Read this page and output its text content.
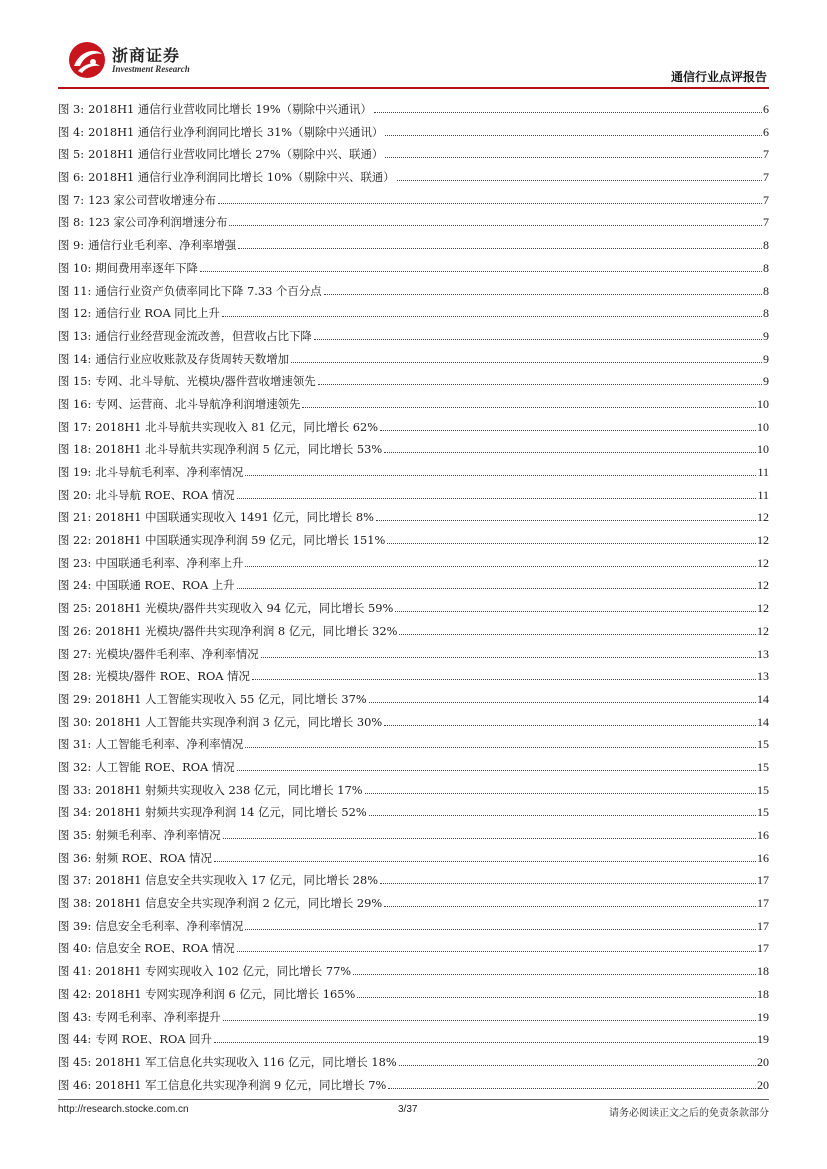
浙商证券
Investment Research
通信行业点评报告
图 3: 2018H1 通信行业营收同比增长 19%（剔除中兴通讯）	6
图 4: 2018H1 通信行业净利润同比增长 31%（剔除中兴通讯）	6
图 5: 2018H1 通信行业营收同比增长 27%（剔除中兴、联通）	7
图 6: 2018H1 通信行业净利润同比增长 10%（剔除中兴、联通）	7
图 7: 123 家公司营收增速分布	7
图 8: 123 家公司净利润增速分布	7
图 9: 通信行业毛利率、净利率增强	8
图 10: 期间费用率逐年下降	8
图 11: 通信行业资产负债率同比下降 7.33 个百分点	8
图 12: 通信行业 ROA 同比上升	8
图 13: 通信行业经营现金流改善，但营收占比下降	9
图 14: 通信行业应收账款及存货周转天数增加	9
图 15: 专网、北斗导航、光模块/器件营收增速领先	9
图 16: 专网、运营商、北斗导航净利润增速领先	10
图 17: 2018H1 北斗导航共实现收入 81 亿元，同比增长 62%	10
图 18: 2018H1 北斗导航共实现净利润 5 亿元，同比增长 53%	10
图 19: 北斗导航毛利率、净利率情况	11
图 20: 北斗导航 ROE、ROA 情况	11
图 21: 2018H1 中国联通实现收入 1491 亿元，同比增长 8%	12
图 22: 2018H1 中国联通实现净利润 59 亿元，同比增长 151%	12
图 23: 中国联通毛利率、净利率上升	12
图 24: 中国联通 ROE、ROA 上升	12
图 25: 2018H1 光模块/器件共实现收入 94 亿元，同比增长 59%	12
图 26: 2018H1 光模块/器件共实现净利润 8 亿元，同比增长 32%	12
图 27: 光模块/器件毛利率、净利率情况	13
图 28: 光模块/器件 ROE、ROA 情况	13
图 29: 2018H1 人工智能实现收入 55 亿元，同比增长 37%	14
图 30: 2018H1 人工智能共实现净利润 3 亿元，同比增长 30%	14
图 31: 人工智能毛利率、净利率情况	15
图 32: 人工智能 ROE、ROA 情况	15
图 33: 2018H1 射频共实现收入 238 亿元，同比增长 17%	15
图 34: 2018H1 射频共实现净利润 14 亿元，同比增长 52%	15
图 35: 射频毛利率、净利率情况	16
图 36: 射频 ROE、ROA 情况	16
图 37: 2018H1 信息安全共实现收入 17 亿元，同比增长 28%	17
图 38: 2018H1 信息安全共实现净利润 2 亿元，同比增长 29%	17
图 39: 信息安全毛利率、净利率情况	17
图 40: 信息安全 ROE、ROA 情况	17
图 41: 2018H1 专网实现收入 102 亿元，同比增长 77%	18
图 42: 2018H1 专网实现净利润 6 亿元，同比增长 165%	18
图 43: 专网毛利率、净利率提升	19
图 44: 专网 ROE、ROA 回升	19
图 45: 2018H1 军工信息化共实现收入 116 亿元，同比增长 18%	20
图 46: 2018H1 军工信息化共实现净利润 9 亿元，同比增长 7%	20
http://research.stocke.com.cn	3/37	请务必阅读正文之后的免责条款部分
